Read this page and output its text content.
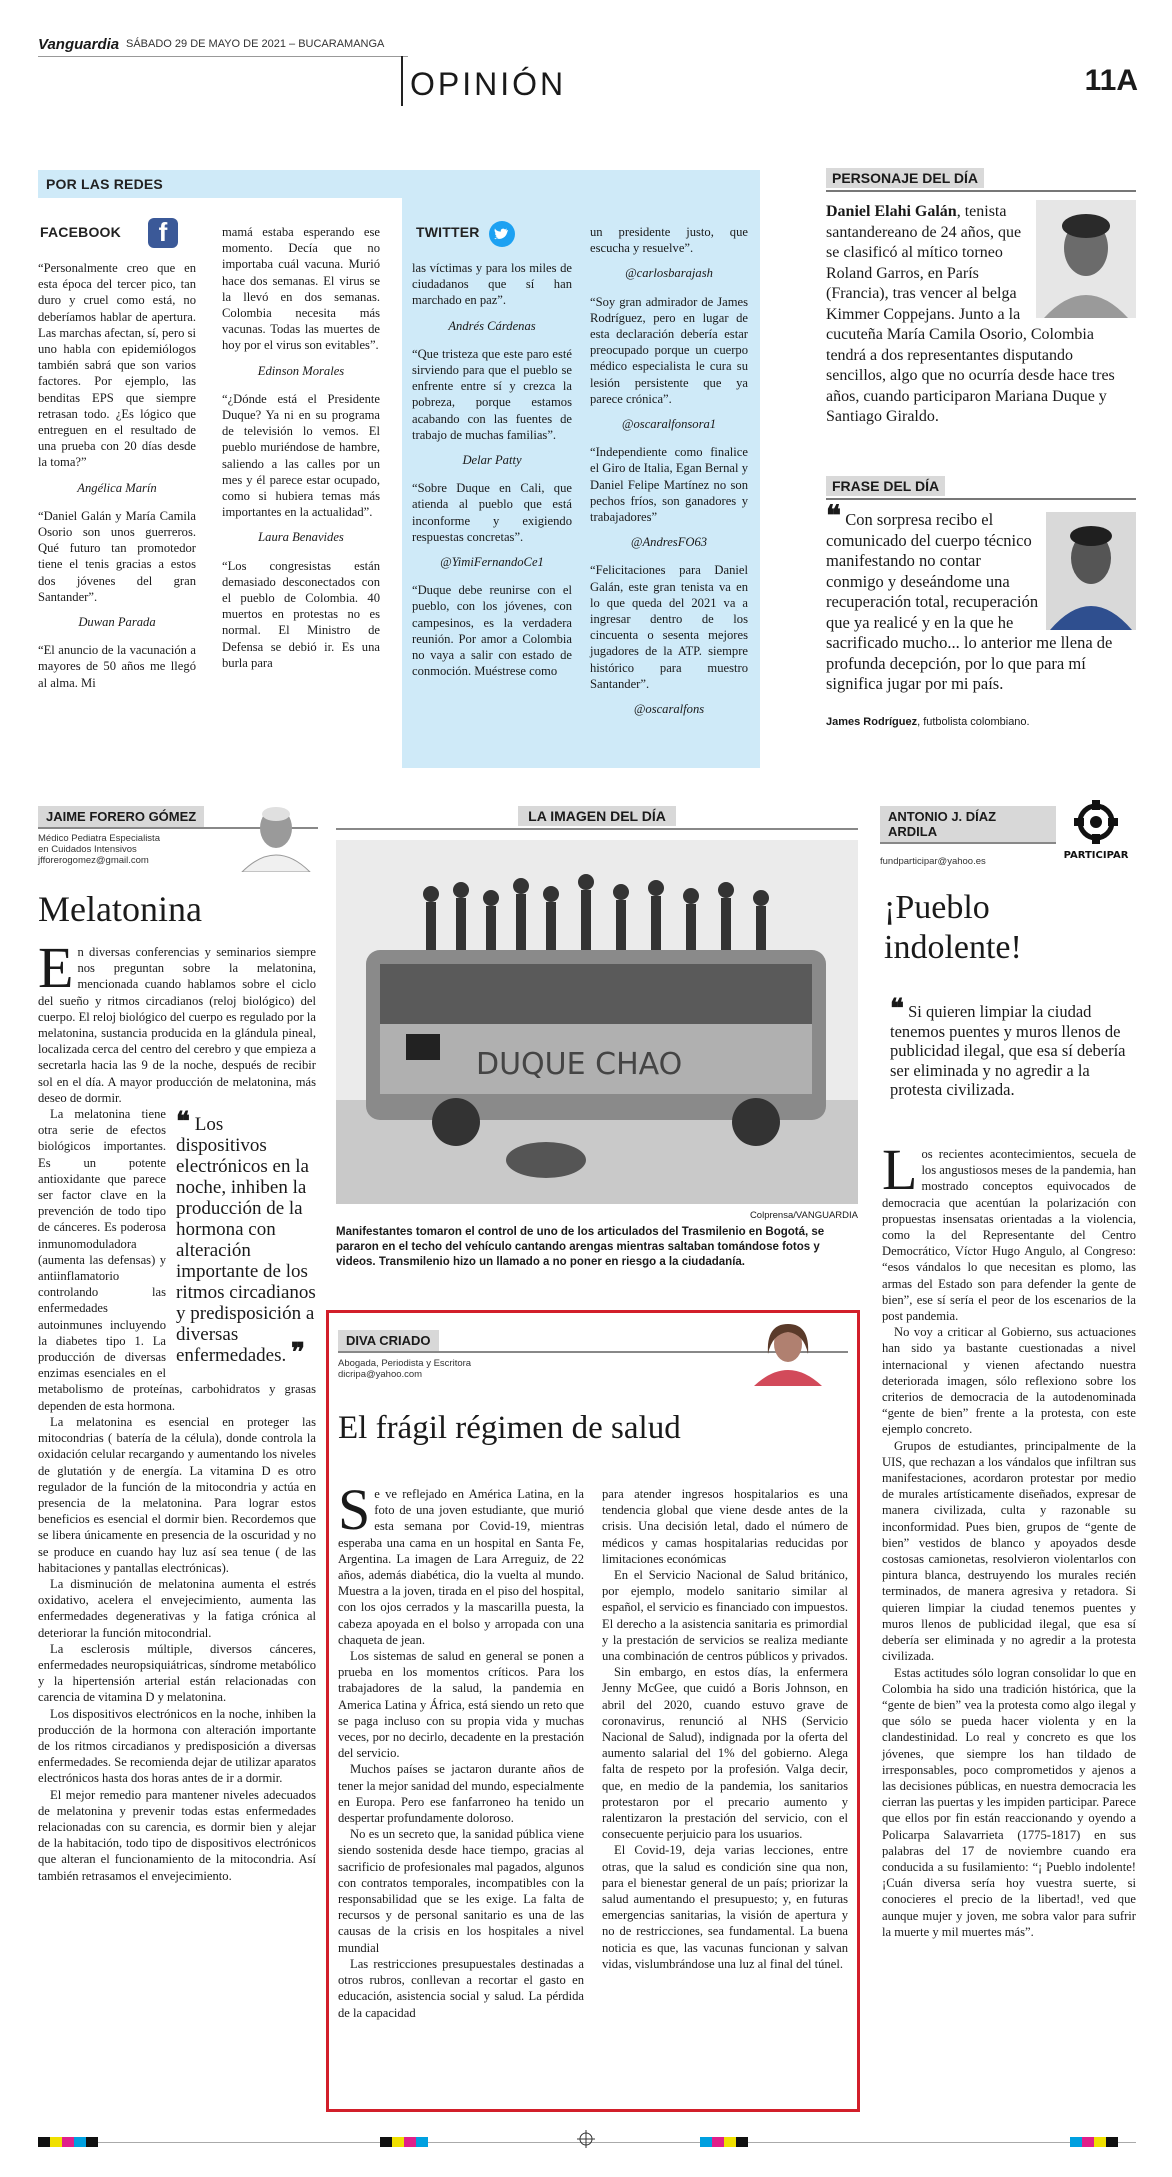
Vanguardia SÁBADO 29 DE MAYO DE 2021 – BUCARAMANGA
OPINIÓN	11A
POR LAS REDES
FACEBOOK	f	TWITTER

“Personalmente creo que en esta época del tercer pico, tan duro y cruel como está, no deberíamos hablar de apertura. Las marchas afectan, sí, pero si uno habla con epidemiólogos también sabrá que son varios factores. Por ejemplo, las benditas EPS que siempre retrasan todo. ¿Es lógico que entreguen en el resultado de una prueba con 20 días desde la toma?”

Angélica Marín

“Daniel Galán y María Camila Osorio son unos guerreros. Qué futuro tan promotedor tiene el tenis gracias a estos dos jóvenes del gran Santander”.

Duwan Parada

“El anuncio de la vacunación a mayores de 50 años me llegó al alma. Mi

mamá estaba esperando ese momento. Decía que no importaba cuál vacuna. Murió hace dos semanas. El virus se la llevó en dos semanas. Colombia necesita más vacunas. Todas las muertes de hoy por el virus son evitables”.

Edinson Morales

“¿Dónde está el Presidente Duque? Ya ni en su programa de televisión lo vemos. El pueblo muriéndose de hambre, saliendo a las calles por un mes y él parece estar ocupado, como si hubiera temas más importantes en la actualidad”.

Laura Benavides

“Los congresistas están demasiado desconectados con el pueblo de Colombia. 40 muertos en protestas no es normal. El Ministro de Defensa se debió ir. Es una burla para

las víctimas y para los miles de ciudadanos que sí han marchado en paz”.

Andrés Cárdenas

“Que tristeza que este paro esté sirviendo para que el pueblo se enfrente entre sí y crezca la pobreza, porque estamos acabando con las fuentes de trabajo de muchas familias”.

Delar Patty

“Sobre Duque en Cali, que atienda al pueblo que está inconforme y exigiendo respuestas concretas”.

@YimiFernandoCe1

“Duque debe reunirse con el pueblo, con los jóvenes, con campesinos, es la verdadera reunión. Por amor a Colombia no vaya a salir con estado de conmoción. Muéstrese como

un presidente justo, que escucha y resuelve”.

@carlosbarajash

“Soy gran admirador de James Rodríguez, pero en lugar de esta declaración debería estar preocupado porque un cuerpo médico especialista le cura su lesión persistente que ya parece crónica”.

@oscaralfonsora1

“Independiente como finalice el Giro de Italia, Egan Bernal y Daniel Felipe Martínez no son pechos fríos, son ganadores y trabajadores”

@AndresFO63

“Felicitaciones para Daniel Galán, este gran tenista va en lo que queda del 2021 va a ingresar dentro de los cincuenta o sesenta mejores jugadores de la ATP. siempre histórico para muestro Santander”.

@oscaralfons

PERSONAJE DEL DÍA

Daniel Elahi Galán, tenista santandereano de 24 años, que se clasificó al mítico torneo Roland Garros, en París (Francia), tras vencer al belga Kimmer Coppejans. Junto a la cucuteña María Camila Osorio, Colombia tendrá a dos representantes disputando sencillos, algo que no ocurría desde hace tres años, cuando participaron Mariana Duque y Santiago Giraldo.

FRASE DEL DÍA
❝ Con sorpresa recibo el comunicado del cuerpo técnico manifestando no contar conmigo y deseándome una recuperación total, recuperación que ya realicé y en la que he sacrificado mucho... lo anterior me llena de profunda decepción, por lo que para mí significa jugar por mi país.
James Rodríguez, futbolista colombiano.
JAIME FORERO GÓMEZ
Médico Pediatra Especialista
en Cuidados Intensivos
jfforerogomez@gmail.com
Melatonina

En diversas conferencias y seminarios siempre nos preguntan sobre la melatonina, mencionada cuando hablamos sobre el ciclo del sueño y ritmos circadianos (reloj biológico) del cuerpo. El reloj biológico del cuerpo es regulado por la melatonina, sustancia producida en la glándula pineal, localizada cerca del centro del cerebro y que empieza a secretarla hacia las 9 de la noche, después de recibir sol en el día. A mayor producción de melatonina, más deseo de dormir.

❝ Los dispositivos electrónicos en la noche, inhiben la producción de la hormona con alteración importante de los ritmos circadianos y predisposición a diversas enfermedades. ❞

La melatonina tiene otra serie de efectos biológicos importantes. Es un potente antioxidante que parece ser factor clave en la prevención de todo tipo de cánceres. Es poderosa inmunomoduladora (aumenta las defensas) y antiinflamatorio controlando las enfermedades autoinmunes incluyendo la diabetes tipo 1. La producción de diversas enzimas esenciales en el metabolismo de proteínas, carbohidratos y grasas dependen de esta hormona.

La melatonina es esencial en proteger las mitocondrias ( batería de la célula), donde controla la oxidación celular recargando y aumentando los niveles de glutatión y de energía. La vitamina D es otro regulador de la función de la mitocondria y actúa en presencia de la melatonina. Para lograr estos beneficios es esencial el dormir bien. Recordemos que se libera únicamente en presencia de la oscuridad y no se produce en cuando hay luz así sea tenue ( de las habitaciones y pantallas electrónicas).

La disminución de melatonina aumenta el estrés oxidativo, acelera el envejecimiento, aumenta las enfermedades degenerativas y la fatiga crónica al deteriorar la función mitocondrial.

La esclerosis múltiple, diversos cánceres, enfermedades neuropsiquiátricas, síndrome metabólico y la hipertensión arterial están relacionadas con carencia de vitamina D y melatonina.

Los dispositivos electrónicos en la noche, inhiben la producción de la hormona con alteración importante de los ritmos circadianos y predisposición a diversas enfermedades. Se recomienda dejar de utilizar aparatos electrónicos hasta dos horas antes de ir a dormir.

El mejor remedio para mantener niveles adecuados de melatonina y prevenir todas estas enfermedades relacionadas con su carencia, es dormir bien y alejar de la habitación, todo tipo de dispositivos electrónicos que alteran el funcionamiento de la mitocondria. Así también retrasamos el envejecimiento.

LA IMAGEN DEL DÍA
DUQUE CHAO
Colprensa/VANGUARDIA

Manifestantes tomaron el control de uno de los articulados del Trasmilenio en Bogotá, se pararon en el techo del vehículo cantando arengas mientras saltaban tomándose fotos y videos. Transmilenio hizo un llamado a no poner en riesgo a la ciudadanía.

DIVA CRIADO
Abogada, Periodista y Escritora
dicripa@yahoo.com
El frágil régimen de salud

Se ve reflejado en América Latina, en la foto de una joven estudiante, que murió esta semana por Covid-19, mientras esperaba una cama en un hospital en Santa Fe, Argentina. La imagen de Lara Arreguiz, de 22 años, además diabética, dio la vuelta al mundo. Muestra a la joven, tirada en el piso del hospital, con los ojos cerrados y la mascarilla puesta, la cabeza apoyada en el bolso y arropada con una chaqueta de jean.

Los sistemas de salud en general se ponen a prueba en los momentos críticos. Para los trabajadores de la salud, la pandemia en America Latina y África, está siendo un reto que se paga incluso con su propia vida y muchas veces, por no decirlo, decadente en la prestación del servicio.

Muchos países se jactaron durante años de tener la mejor sanidad del mundo, especialmente en Europa. Pero ese fanfarroneo ha tenido un despertar profundamente doloroso.

No es un secreto que, la sanidad pública viene siendo sostenida desde hace tiempo, gracias al sacrificio de profesionales mal pagados, algunos con contratos temporales, incompatibles con la responsabilidad que se les exige. La falta de recursos y de personal sanitario es una de las causas de la crisis en los hospitales a nivel mundial

Las restricciones presupuestales destinadas a otros rubros, conllevan a recortar el gasto en educación, asistencia social y salud. La pérdida de la capacidad

para atender ingresos hospitalarios es una tendencia global que viene desde antes de la crisis. Una decisión letal, dado el número de médicos y camas hospitalarias reducidas por limitaciones económicas

En el Servicio Nacional de Salud británico, por ejemplo, modelo sanitario similar al español, el servicio es financiado con impuestos. El derecho a la asistencia sanitaria es primordial y la prestación de servicios se realiza mediante una combinación de centros públicos y privados.

Sin embargo, en estos días, la enfermera Jenny McGee, que cuidó a Boris Johnson, en abril del 2020, cuando estuvo grave de coronavirus, renunció al NHS (Servicio Nacional de Salud), indignada por la oferta del aumento salarial del 1% del gobierno. Alega falta de respeto por la profesión. Valga decir, que, en medio de la pandemia, los sanitarios protestaron por el precario aumento y ralentizaron la prestación del servicio, con el consecuente perjuicio para los usuarios.

El Covid-19, deja varias lecciones, entre otras, que la salud es condición sine qua non, para el bienestar general de un país; priorizar la salud aumentando el presupuesto; y, en futuras emergencias sanitarias, la visión de apertura y no de restricciones, sea fundamental. La buena noticia es que, las vacunas funcionan y salvan vidas, vislumbrándose una luz al final del túnel.

ANTONIO J. DÍAZ ARDILA
fundparticipar@yahoo.es
PARTICIPAR
¡Pueblo indolente!
❝ Si quieren limpiar la ciudad tenemos puentes y muros llenos de publicidad ilegal, que esa sí debería ser eliminada y no agredir a la protesta civilizada.

Los recientes acontecimientos, secuela de los angustiosos meses de la pandemia, han mostrado conceptos equivocados de democracia que acentúan la polarización con propuestas insensatas orientadas a la violencia, como la del Representante del Centro Democrático, Víctor Hugo Angulo, al Congreso: “esos vándalos lo que necesitan es plomo, las armas del Estado son para defender la gente de bien”, ese sí sería el peor de los escenarios de la post pandemia.

No voy a criticar al Gobierno, sus actuaciones han sido ya bastante cuestionadas a nivel internacional y vienen afectando nuestra deteriorada imagen, sólo reflexiono sobre los criterios de democracia de la autodenominada “gente de bien” frente a la protesta, con este ejemplo concreto.

Grupos de estudiantes, principalmente de la UIS, que rechazan a los vándalos que infiltran sus manifestaciones, acordaron protestar por medio de murales artísticamente diseñados, expresar de manera civilizada, culta y razonable su inconformidad. Pues bien, grupos de “gente de bien” vestidos de blanco y apoyados desde costosas camionetas, resolvieron violentarlos con pintura blanca, destruyendo los murales recién terminados, de manera agresiva y retadora. Si quieren limpiar la ciudad tenemos puentes y muros llenos de publicidad ilegal, que esa sí debería ser eliminada y no agredir a la protesta civilizada.

Estas actitudes sólo logran consolidar lo que en Colombia ha sido una tradición histórica, que la “gente de bien” vea la protesta como algo ilegal y que sólo se pueda hacer violenta y en la clandestinidad. Lo real y concreto es que los jóvenes, que siempre los han tildado de irresponsables, poco comprometidos y ajenos a las decisiones públicas, en nuestra democracia les cierran las puertas y les impiden participar. Parece que ellos por fin están reaccionando y oyendo a Policarpa Salavarrieta (1775-1817) en sus palabras del 17 de noviembre cuando era conducida a su fusilamiento: “¡ Pueblo indolente! ¡Cuán diversa sería hoy vuestra suerte, si conocieres el precio de la libertad!, ved que aunque mujer y joven, me sobra valor para sufrir la muerte y mil muertes más”.
